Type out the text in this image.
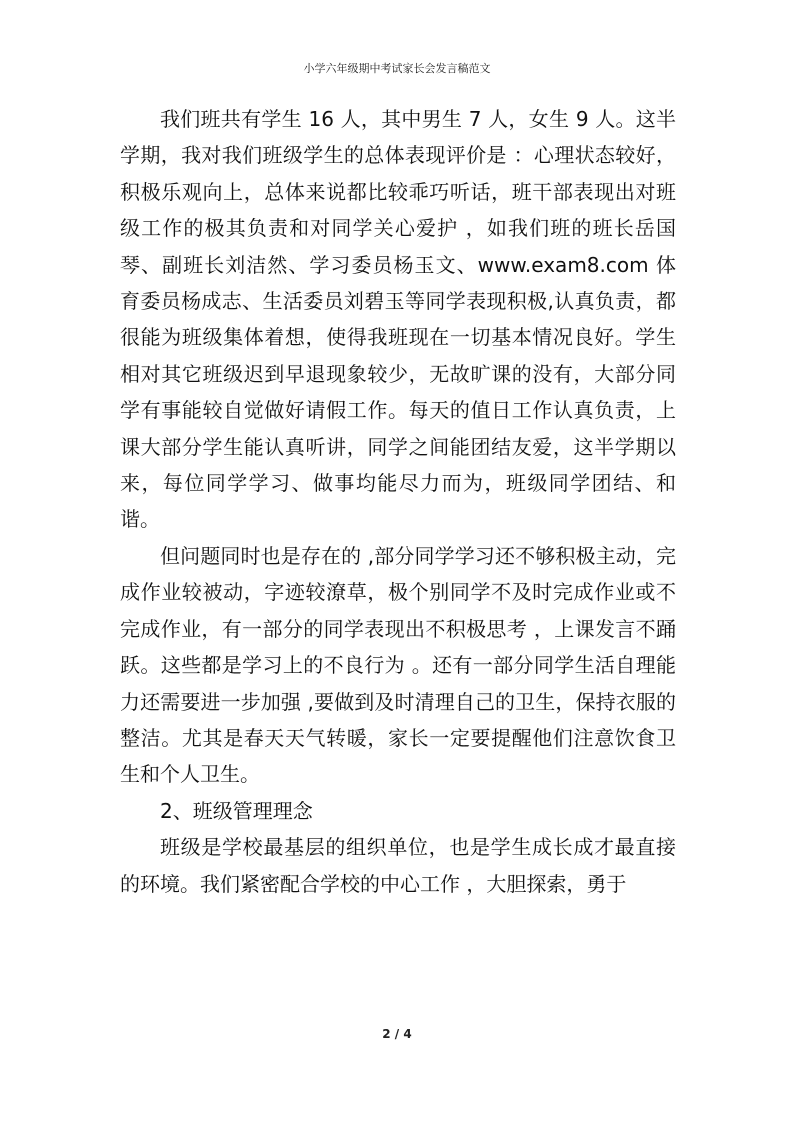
小学六年级期中考试家长会发言稿范文

我们班共有学生 16 人，其中男生 7 人，女生 9 人。这半学期，我对我们班级学生的总体表现评价是 ：心理状态较好，积极乐观向上，总体来说都比较乖巧听话，班干部表现出对班级工作的极其负责和对同学关心爱护 ，如我们班的班长岳国琴、副班长刘洁然、学习委员杨玉文、www.exam8.com 体育委员杨成志、生活委员刘碧玉等同学表现积极,认真负责，都很能为班级集体着想，使得我班现在一切基本情况良好。学生相对其它班级迟到早退现象较少，无故旷课的没有，大部分同学有事能较自觉做好请假工作。每天的值日工作认真负责，上课大部分学生能认真听讲，同学之间能团结友爱，这半学期以来，每位同学学习、做事均能尽力而为，班级同学团结、和谐。

但问题同时也是存在的 ,部分同学学习还不够积极主动，完成作业较被动，字迹较潦草，极个别同学不及时完成作业或不完成作业，有一部分的同学表现出不积极思考 ，上课发言不踊跃。这些都是学习上的不良行为 。还有一部分同学生活自理能力还需要进一步加强 ,要做到及时清理自己的卫生，保持衣服的整洁。尤其是春天天气转暖，家长一定要提醒他们注意饮食卫生和个人卫生。

2、班级管理理念

班级是学校最基层的组织单位，也是学生成长成才最直接的环境。我们紧密配合学校的中心工作 ，大胆探索，勇于

2 / 4
